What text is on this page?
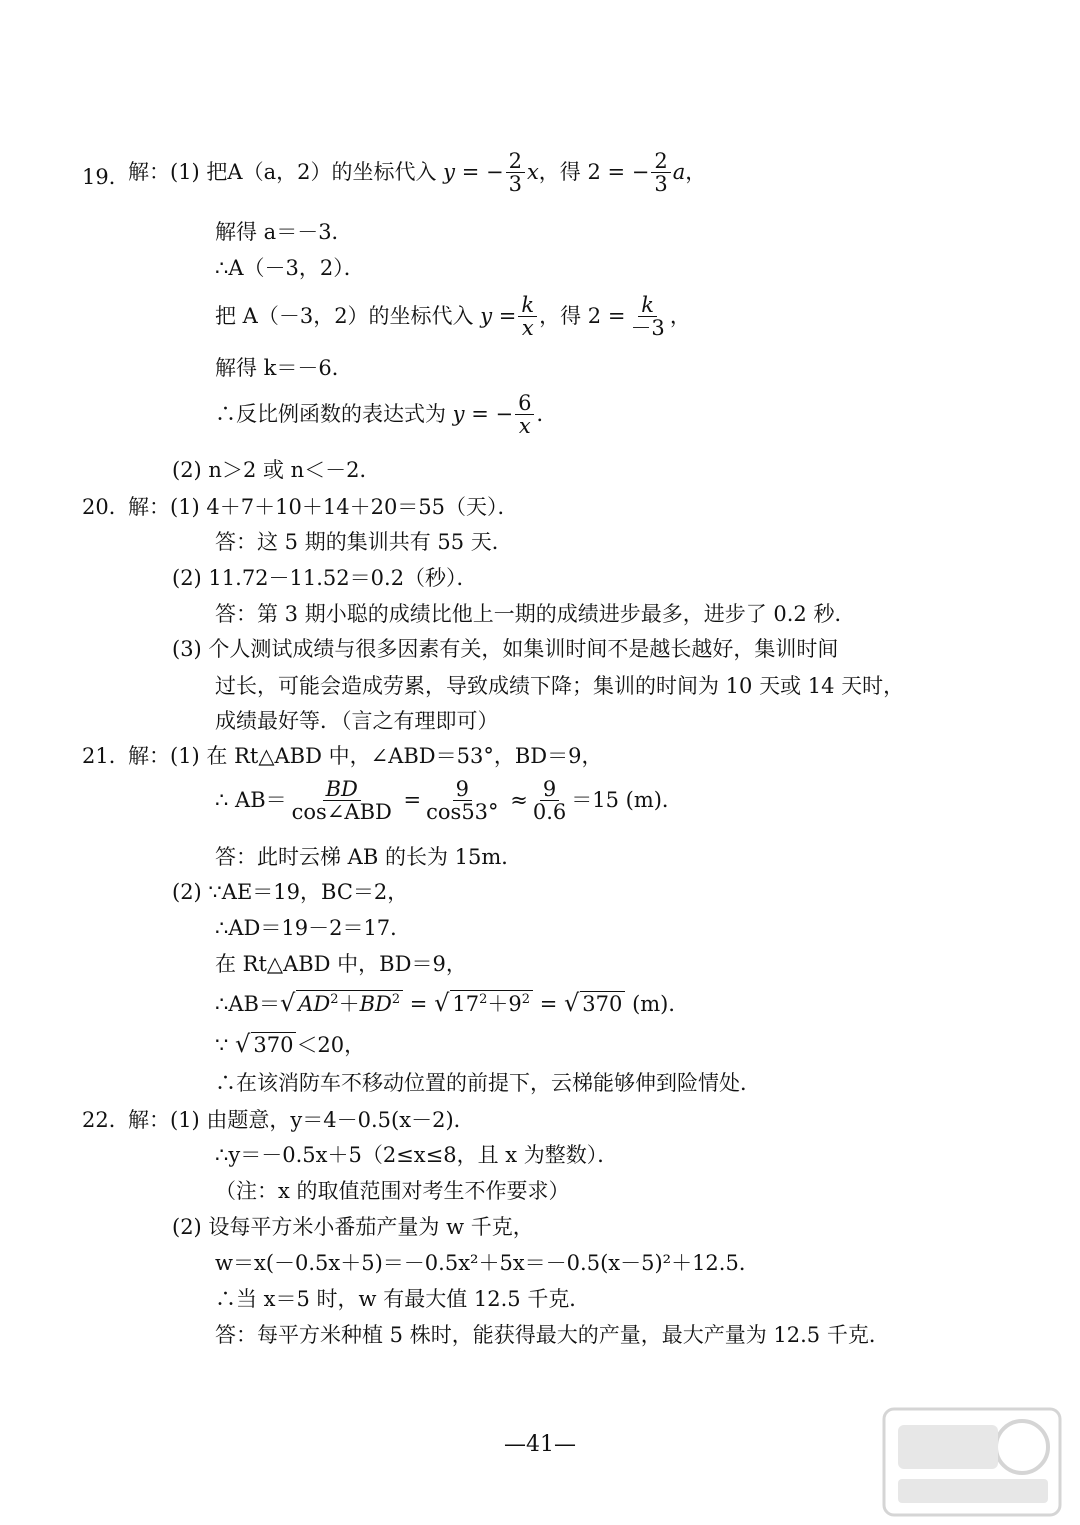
19．
解：(1) 把 A（a，2）的坐标代入 y = − $\frac{2}{3}$ x ，得 2 = − $\frac{2}{3}$ a ，
解得 a＝－3．
∴A（－3，2）．
把 A（－3，2）的坐标代入 $y = \frac{k}{x}$ ，得 $2 = \frac{k}{-3}$ ，
解得 k＝－6．
∴反比例函数的表达式为 y = − $\frac{6}{x}$ ．
(2) n＞2 或 n＜－2．
20．
解：(1) 4＋7＋10＋14＋20＝55（天）．
答：这 5 期的集训共有 55 天．
(2) 11.72－11.52＝0.2（秒）．
答：第 3 期小聪的成绩比他上一期的成绩进步最多，进步了 0.2 秒．
(3) 个人测试成绩与很多因素有关，如集训时间不是越长越好，集训时间
过长，可能会造成劳累，导致成绩下降；集训的时间为 10 天或 14 天时，
成绩最好等．（言之有理即可）
21．
解：(1) 在 Rt△ABD 中，∠ABD＝53°，BD＝9，
∴ $AB= \frac{BD}{\text{cos∠ABD}} = \frac{9}{\cos 53^\circ} \approx \frac{9}{0.6} =15$ (m)．
答：此时云梯 AB 的长为 15m．
(2) ∵AE＝19，BC＝2，
∴AD＝19－2＝17．
在 Rt△ABD 中，BD＝9，
∴AB＝ √ $AD^2+BD^2$ = √ $17^2+9^2$ = √ 370
(m)．
∵ √ 370 ＜20，
∴在该消防车不移动位置的前提下，云梯能够伸到险情处．
22．
解：(1) 由题意，y＝4－0.5(x－2)．
∴y＝－0.5x＋5（2≤x≤8，且 x 为整数）．
（注：x 的取值范围对考生不作要求）
(2) 设每平方米小番茄产量为 w 千克，
w＝x(－0.5x＋5)＝－0.5x²＋5x＝－0.5(x－5)²＋12.5．
∴当 x＝5 时，w 有最大值 12.5 千克．
答：每平方米种植 5 株时，能获得最大的产量，最大产量为 12.5 千克．
—41—
